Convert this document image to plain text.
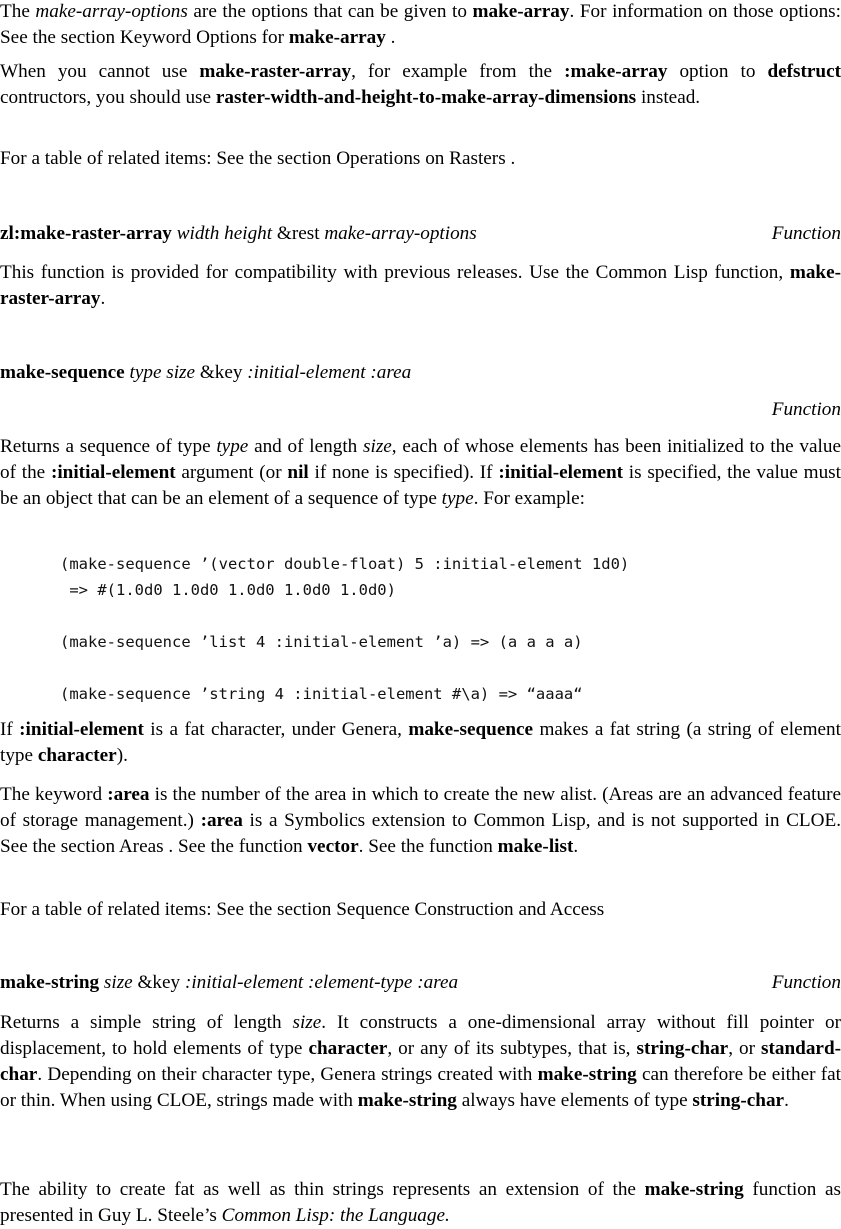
The make-array-options are the options that can be given to make-array. For information on those options: See the section Keyword Options for make-array .

When you cannot use make-raster-array, for example from the :make-array option to defstruct contructors, you should use raster-width-and-height-to-make-array-dimensions instead.

For a table of related items: See the section Operations on Rasters .

zl:make-raster-array width height &rest make-array-options	Function

This function is provided for compatibility with previous releases. Use the Common Lisp function, make-raster-array.

make-sequence type size &key :initial-element :area
Function

Returns a sequence of type type and of length size, each of whose elements has been initialized to the value of the :initial-element argument (or nil if none is specified). If :initial-element is specified, the value must be an object that can be an element of a sequence of type type. For example:

(make-sequence ’(vector double-float) 5 :initial-element 1d0)
=> #(1.0d0 1.0d0 1.0d0 1.0d0 1.0d0)
(make-sequence ’list 4 :initial-element ’a) => (a a a a)
(make-sequence ’string 4 :initial-element #\a) => “aaaa“

If :initial-element is a fat character, under Genera, make-sequence makes a fat string (a string of element type character).

The keyword :area is the number of the area in which to create the new alist. (Areas are an advanced feature of storage management.) :area is a Symbolics extension to Common Lisp, and is not supported in CLOE. See the section Areas . See the function vector. See the function make-list.

For a table of related items: See the section Sequence Construction and Access

make-string size &key :initial-element :element-type :area	Function

Returns a simple string of length size. It constructs a one-dimensional array without fill pointer or displacement, to hold elements of type character, or any of its subtypes, that is, string-char, or standard-char. Depending on their character type, Genera strings created with make-string can therefore be either fat or thin. When using CLOE, strings made with make-string always have elements of type string-char.

The ability to create fat as well as thin strings represents an extension of the make-string function as presented in Guy L. Steele’s Common Lisp: the Language.
